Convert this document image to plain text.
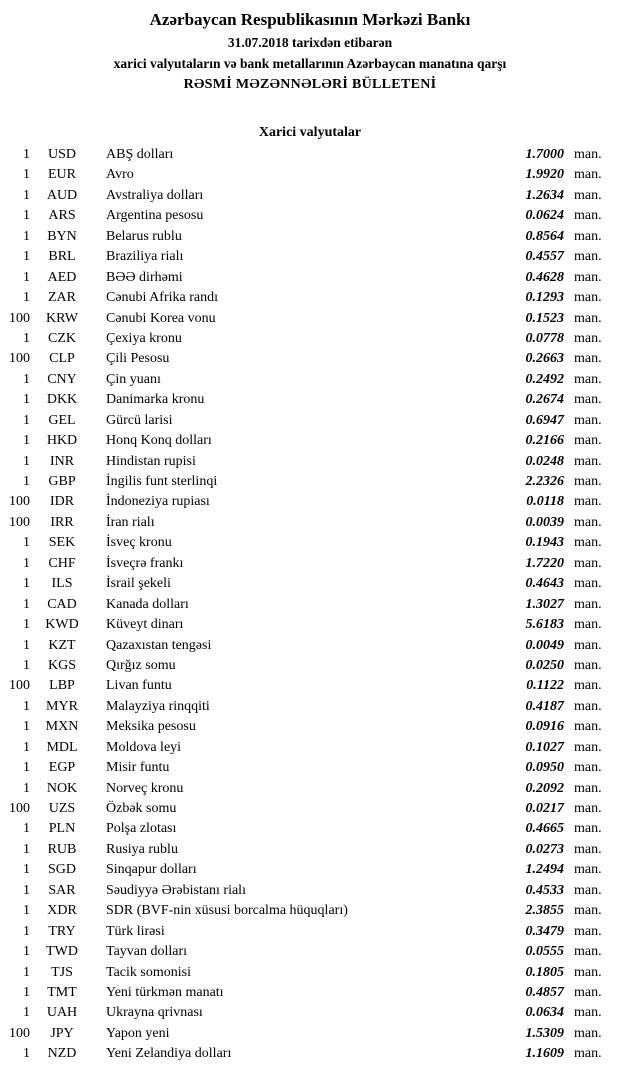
Azərbaycan Respublikasının Mərkəzi Bankı
31.07.2018 tarixdən etibarən
xarici valyutaların və bank metallarının Azərbaycan manatına qarşı
RƏSMİ MƏZƏNNƏLƏRİ BÜLLETENİ
Xarici valyutalar
1	USD	ABŞ dolları	1.7000 man.
1	EUR	Avro	1.9920 man.
1	AUD	Avstraliya dolları	1.2634 man.
1	ARS	Argentina pesosu	0.0624 man.
1	BYN	Belarus rublu	0.8564 man.
1	BRL	Braziliya rialı	0.4557 man.
1	AED	BƏƏ dirhəmi	0.4628 man.
1	ZAR	Cənubi Afrika randı	0.1293 man.
100	KRW	Cənubi Korea vonu	0.1523 man.
1	CZK	Çexiya kronu	0.0778 man.
100	CLP	Çili Pesosu	0.2663 man.
1	CNY	Çin yuanı	0.2492 man.
1	DKK	Danimarka kronu	0.2674 man.
1	GEL	Gürcü larisi	0.6947 man.
1	HKD	Honq Konq dolları	0.2166 man.
1	INR	Hindistan rupisi	0.0248 man.
1	GBP	İngilis funt sterlinqi	2.2326 man.
100	IDR	İndoneziya rupiası	0.0118 man.
100	IRR	İran rialı	0.0039 man.
1	SEK	İsveç kronu	0.1943 man.
1	CHF	İsveçrə frankı	1.7220 man.
1	ILS	İsrail şekeli	0.4643 man.
1	CAD	Kanada dolları	1.3027 man.
1	KWD	Küveyt dinarı	5.6183 man.
1	KZT	Qazaxıstan tengəsi	0.0049 man.
1	KGS	Qırğız somu	0.0250 man.
100	LBP	Livan funtu	0.1122 man.
1	MYR	Malayziya rinqqiti	0.4187 man.
1	MXN	Meksika pesosu	0.0916 man.
1	MDL	Moldova leyi	0.1027 man.
1	EGP	Misir funtu	0.0950 man.
1	NOK	Norveç kronu	0.2092 man.
100	UZS	Özbək somu	0.0217 man.
1	PLN	Polşa zlotası	0.4665 man.
1	RUB	Rusiya rublu	0.0273 man.
1	SGD	Sinqapur dolları	1.2494 man.
1	SAR	Səudiyyə Ərəbistanı rialı	0.4533 man.
1	XDR	SDR (BVF-nin xüsusi borcalma hüquqları)	2.3855 man.
1	TRY	Türk lirəsi	0.3479 man.
1	TWD	Tayvan dolları	0.0555 man.
1	TJS	Tacik somonisi	0.1805 man.
1	TMT	Yeni türkmən manatı	0.4857 man.
1	UAH	Ukrayna qrivnası	0.0634 man.
100	JPY	Yapon yeni	1.5309 man.
1	NZD	Yeni Zelandiya dolları	1.1609 man.
